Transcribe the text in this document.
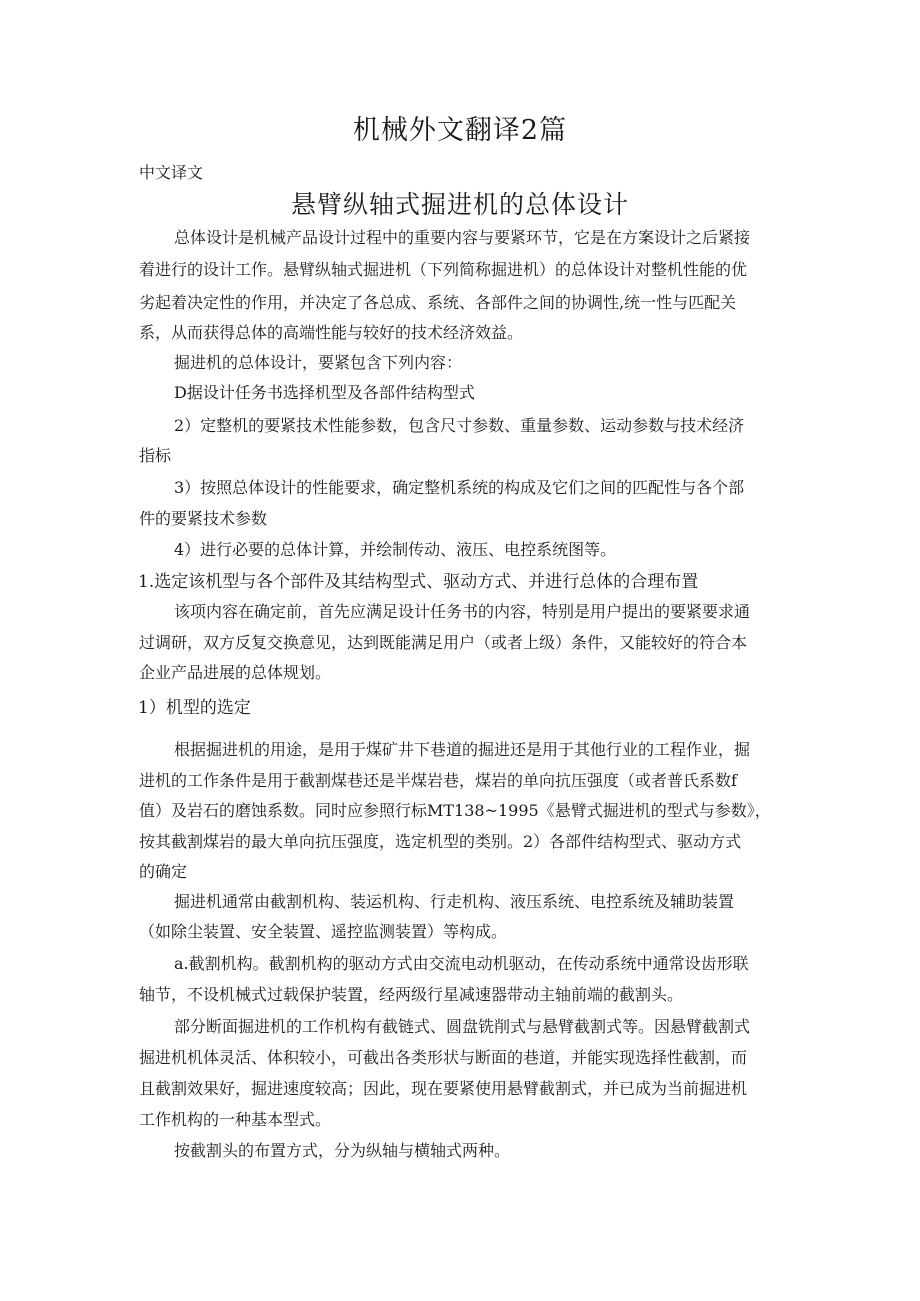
机械外文翻译2篇
中文译文
悬臂纵轴式掘进机的总体设计
总体设计是机械产品设计过程中的重要内容与要紧环节，它是在方案设计之后紧接
着进行的设计工作。悬臂纵轴式掘进机（下列简称掘进机）的总体设计对整机性能的优
劣起着决定性的作用，并决定了各总成、系统、各部件之间的协调性,统一性与匹配关
系，从而获得总体的高端性能与较好的技术经济效益。
掘进机的总体设计，要紧包含下列内容：
D据设计任务书选择机型及各部件结构型式
2）定整机的要紧技术性能参数，包含尺寸参数、重量参数、运动参数与技术经济
指标
3）按照总体设计的性能要求，确定整机系统的构成及它们之间的匹配性与各个部
件的要紧技术参数
4）进行必要的总体计算，并绘制传动、液压、电控系统图等。
1.选定该机型与各个部件及其结构型式、驱动方式、并进行总体的合理布置
该项内容在确定前，首先应满足设计任务书的内容，特别是用户提出的要紧要求通
过调研，双方反复交换意见，达到既能满足用户（或者上级）条件，又能较好的符合本
企业产品进展的总体规划。
1）机型的选定
根据掘进机的用途，是用于煤矿井下巷道的掘进还是用于其他行业的工程作业，掘
进机的工作条件是用于截割煤巷还是半煤岩巷，煤岩的单向抗压强度（或者普氏系数f
值）及岩石的磨蚀系数。同时应参照行标MT138~1995《悬臂式掘进机的型式与参数》，
按其截割煤岩的最大单向抗压强度，选定机型的类别。2）各部件结构型式、驱动方式
的确定
掘进机通常由截割机构、装运机构、行走机构、液压系统、电控系统及辅助装置
（如除尘装置、安全装置、遥控监测装置）等构成。
a.截割机构。截割机构的驱动方式由交流电动机驱动，在传动系统中通常设齿形联
轴节，不设机械式过载保护装置，经两级行星减速器带动主轴前端的截割头。
部分断面掘进机的工作机构有截链式、圆盘铣削式与悬臂截割式等。因悬臂截割式
掘进机机体灵活、体积较小，可截出各类形状与断面的巷道，并能实现选择性截割，而
且截割效果好，掘进速度较高；因此，现在要紧使用悬臂截割式，并已成为当前掘进机
工作机构的一种基本型式。
按截割头的布置方式，分为纵轴与横轴式两种。
